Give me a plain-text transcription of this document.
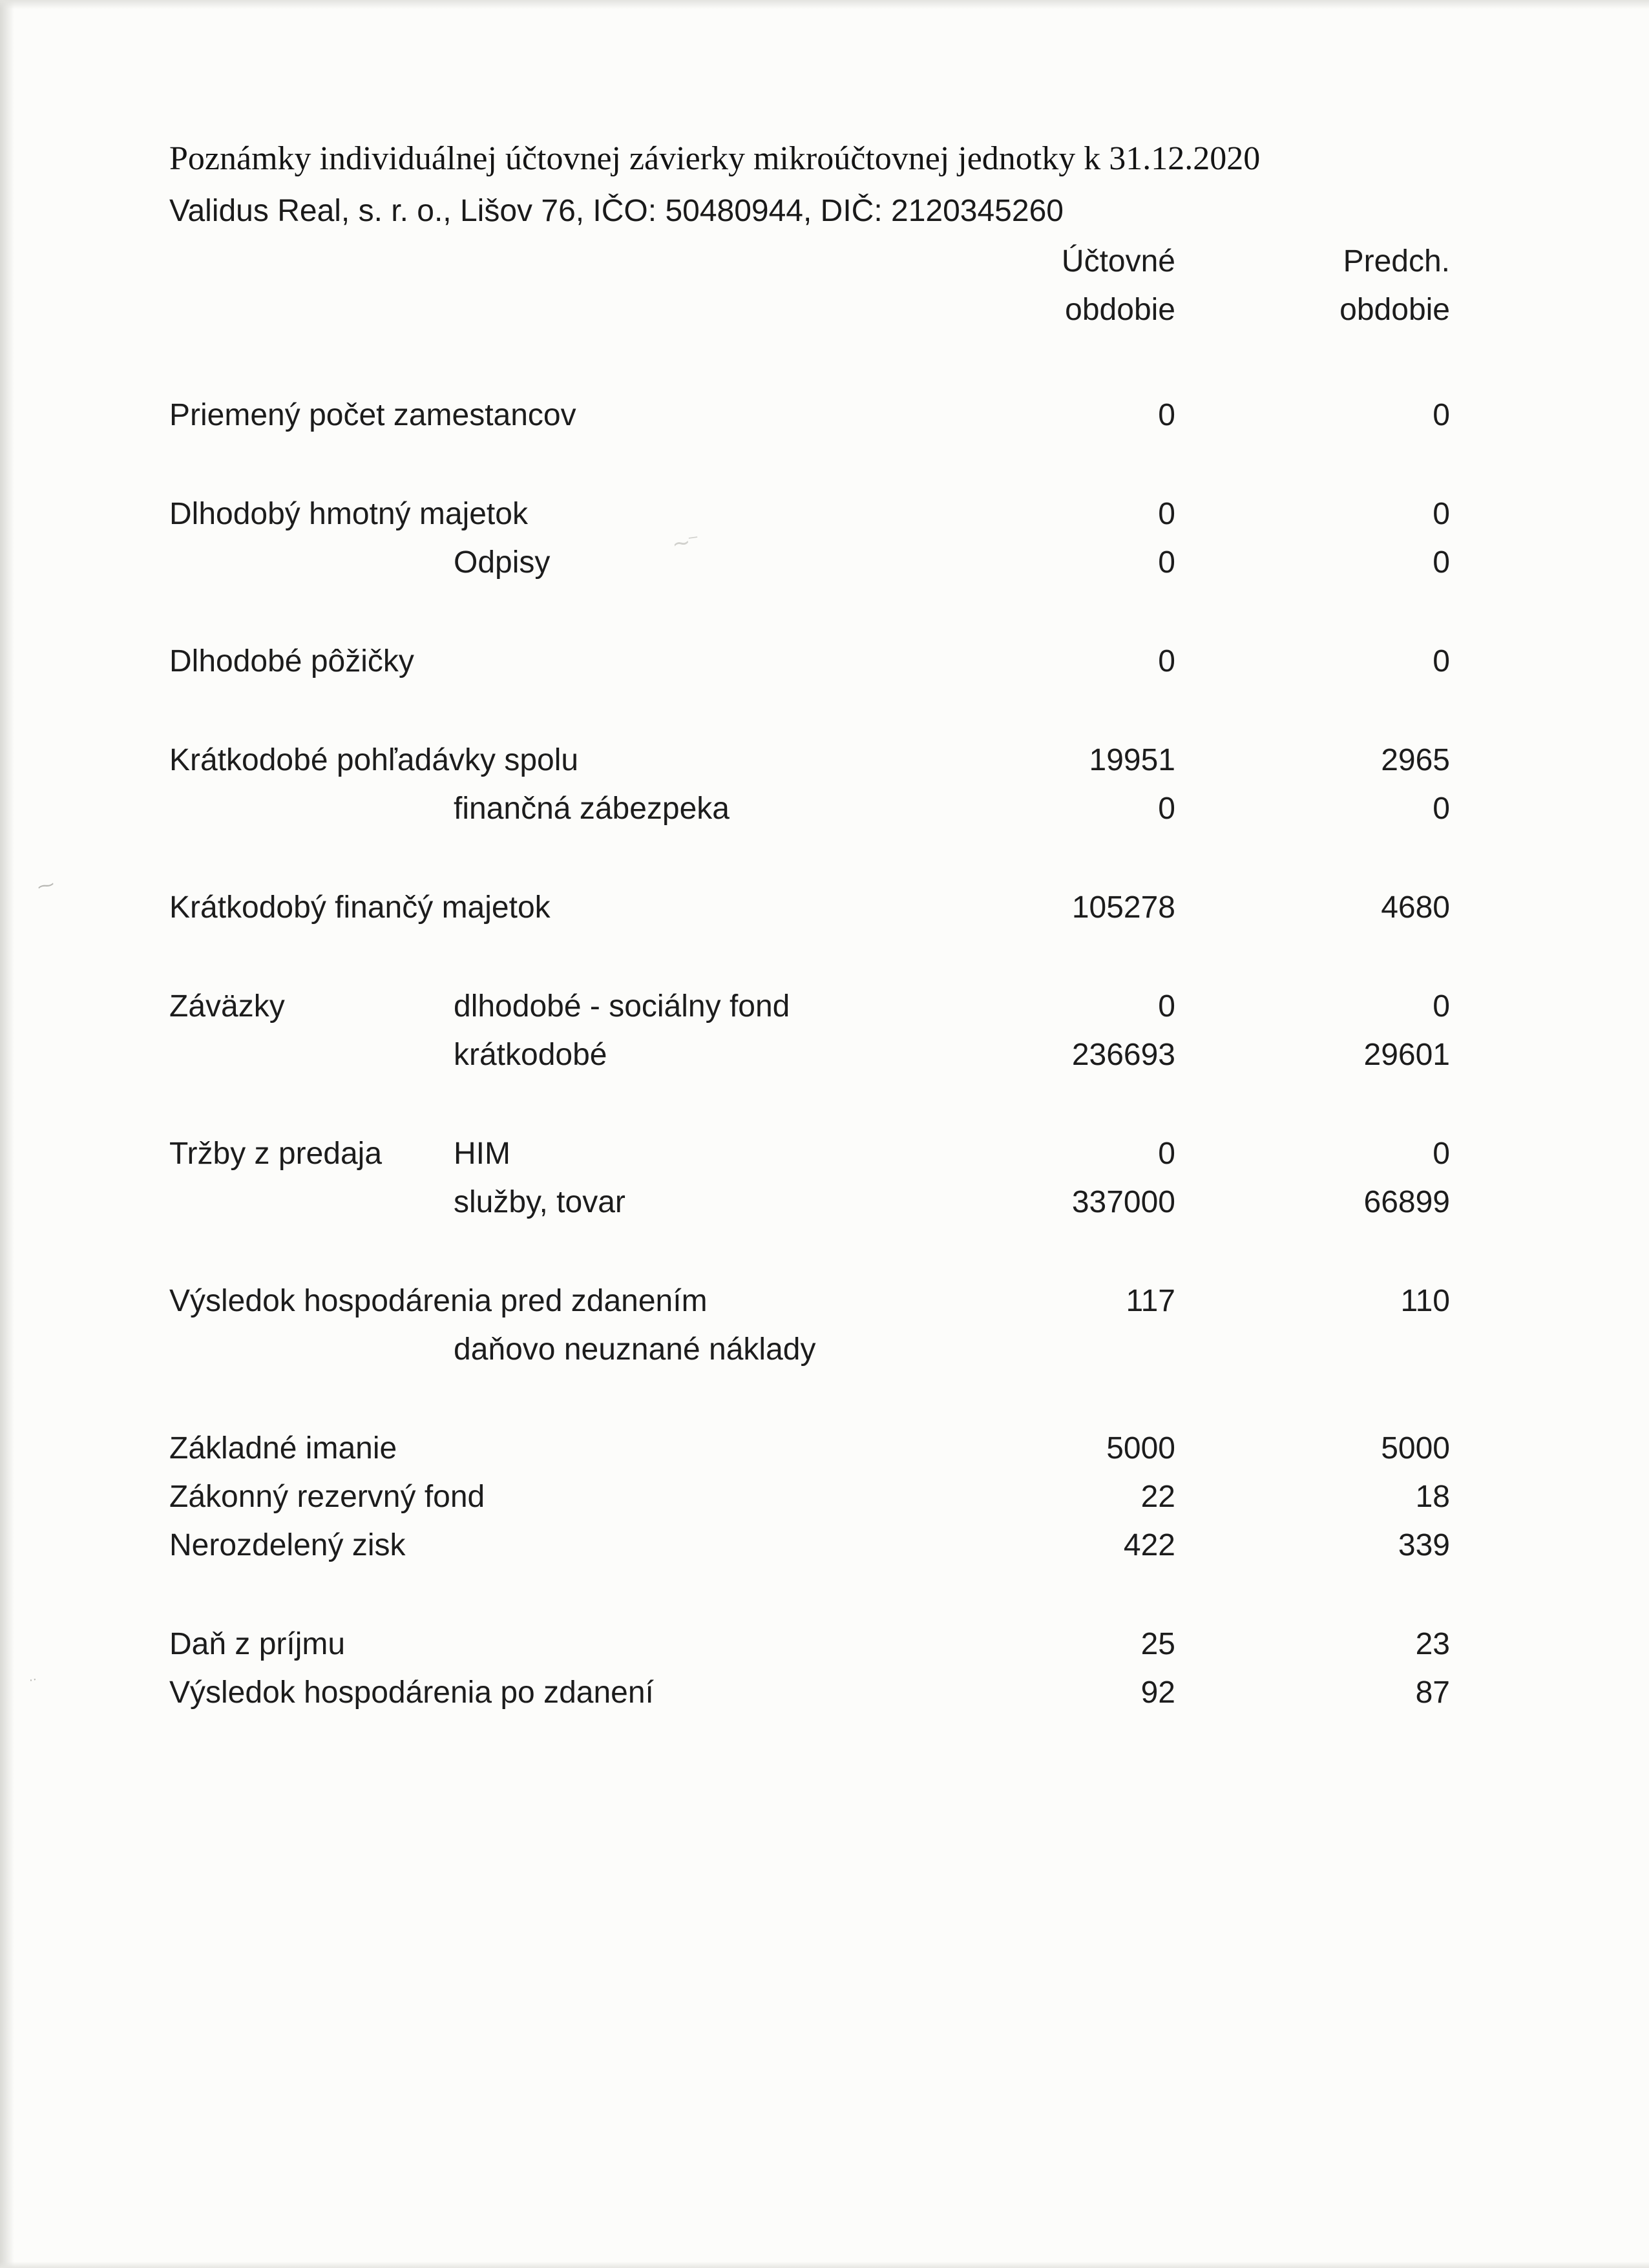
⁓
‥
∼⁻
Poznámky individuálnej účtovnej závierky mikroúčtovnej jednotky k 31.12.2020
Validus Real, s. r. o., Lišov 76, IČO: 50480944, DIČ: 2120345260
Účtovné	Predch.
obdobie	obdobie
Priemený počet zamestancov	0	0
Dlhodobý hmotný majetok	0	0
Odpisy	0	0
Dlhodobé pôžičky	0	0
Krátkodobé pohľadávky spolu	19951	2965
finančná zábezpeka	0	0
Krátkodobý finančý majetok	105278	4680
Záväzky	dlhodobé - sociálny fond	0	0
krátkodobé	236693	29601
Tržby z predaja	HIM	0	0
služby, tovar	337000	66899
Výsledok hospodárenia pred zdanením	117	110
daňovo neuznané náklady
Základné imanie	5000	5000
Zákonný rezervný fond	22	18
Nerozdelený zisk	422	339
Daň z príjmu	25	23
Výsledok hospodárenia po zdanení	92	87
